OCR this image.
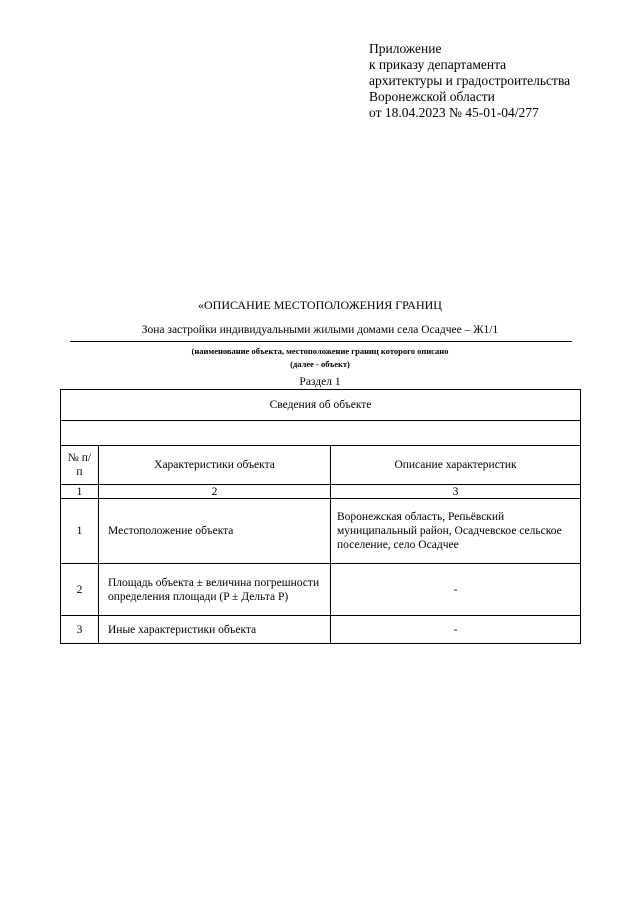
Приложение
к приказу департамента
архитектуры и градостроительства
Воронежской области
от 18.04.2023 № 45-01-04/277
«ОПИСАНИЕ МЕСТОПОЛОЖЕНИЯ ГРАНИЦ
Зона застройки индивидуальными жилыми домами села Осадчее – Ж1/1
(наименование объекта, местоположение границ которого описано
(далее - объект)
Раздел 1
Сведения об объекте		

№ п/п	Характеристики объекта	Описание характеристик
1	2	3
1	Местоположение объекта	Воронежская область, Репьёвский муниципальный район, Осадчевское сельское поселение, село Осадчее
2	Площадь объекта ± величина погрешности определения площади (P ± Дельта P)	-
3	Иные характеристики объекта	-
